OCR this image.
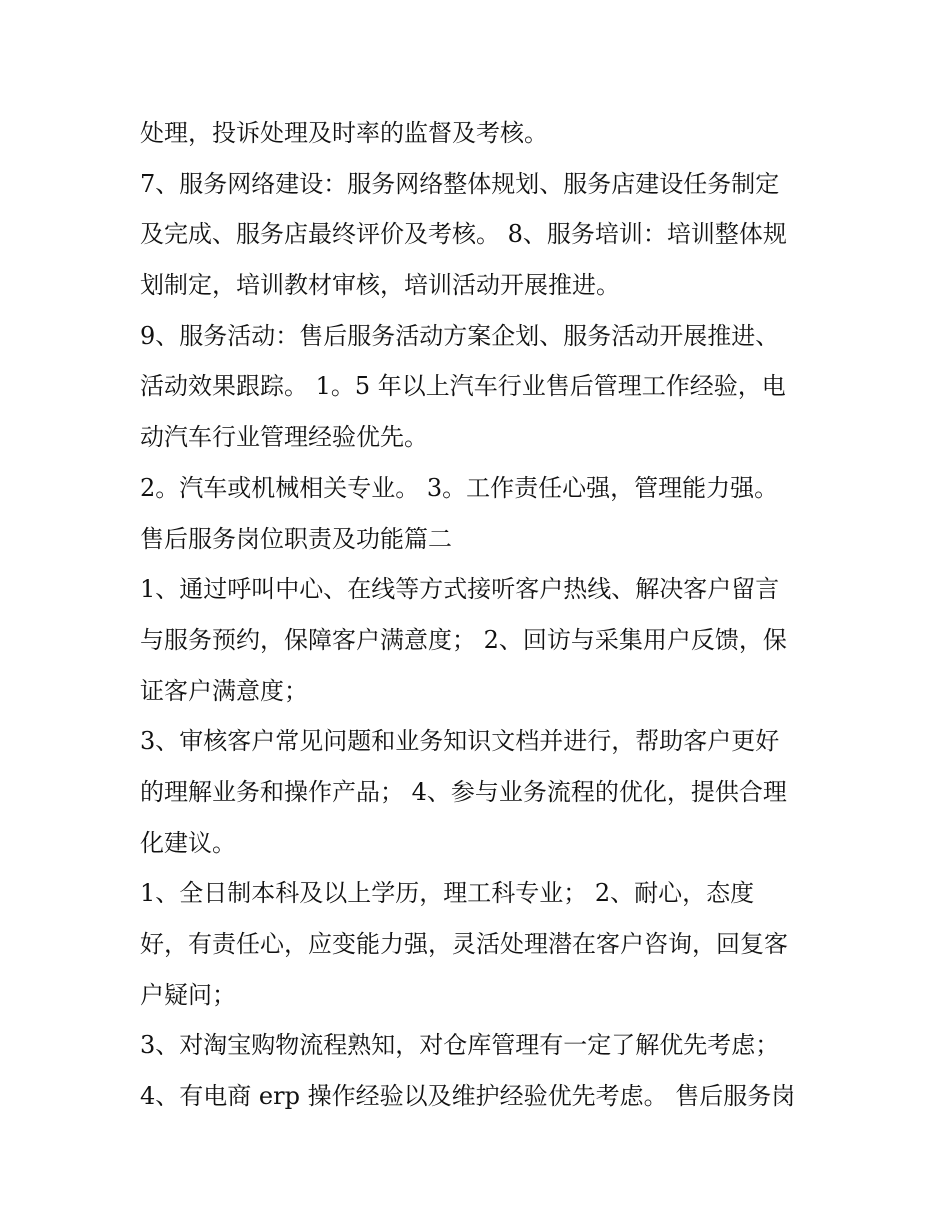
处理，投诉处理及时率的监督及考核。
7、服务网络建设：服务网络整体规划、服务店建设任务制定
及完成、服务店最终评价及考核。 8、服务培训：培训整体规
划制定，培训教材审核，培训活动开展推进。
9、服务活动：售后服务活动方案企划、服务活动开展推进、
活动效果跟踪。 1。5 年以上汽车行业售后管理工作经验，电
动汽车行业管理经验优先。
2。汽车或机械相关专业。 3。工作责任心强，管理能力强。
售后服务岗位职责及功能篇二
1、通过呼叫中心、在线等方式接听客户热线、解决客户留言
与服务预约，保障客户满意度； 2、回访与采集用户反馈，保
证客户满意度；
3、审核客户常见问题和业务知识文档并进行，帮助客户更好
的理解业务和操作产品； 4、参与业务流程的优化，提供合理
化建议。
1、全日制本科及以上学历，理工科专业； 2、耐心，态度
好，有责任心，应变能力强，灵活处理潜在客户咨询，回复客
户疑问；
3、对淘宝购物流程熟知，对仓库管理有一定了解优先考虑；
4、有电商 erp 操作经验以及维护经验优先考虑。 售后服务岗
